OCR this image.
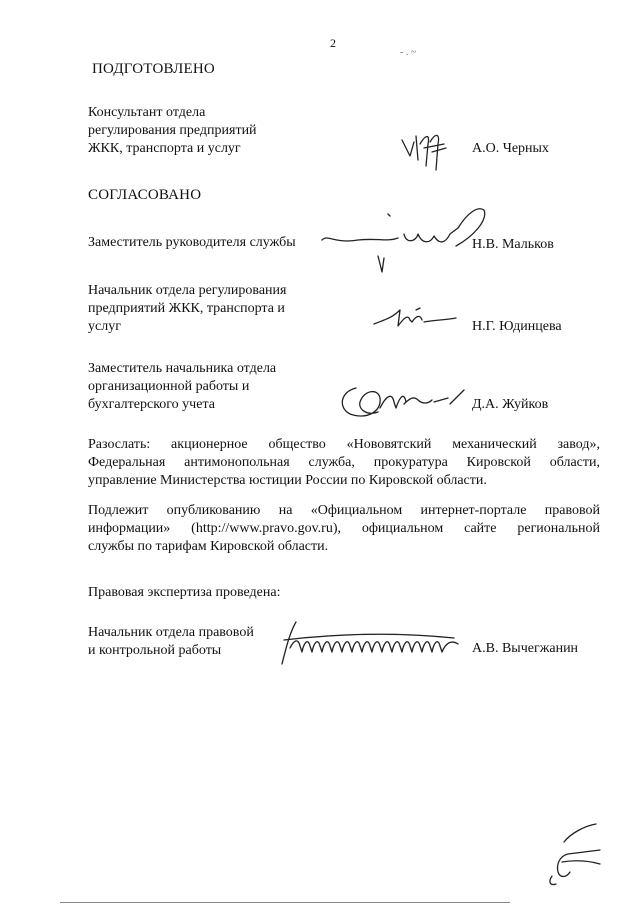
2
- . ~
ПОДГОТОВЛЕНО
Консультант отдела
регулирования предприятий
ЖКК, транспорта и услуг	А.О. Черных
СОГЛАСОВАНО
Заместитель руководителя службы	Н.В. Мальков
Начальник отдела регулирования
предприятий ЖКК, транспорта и
услуг	Н.Г. Юдинцева
Заместитель начальника отдела
организационной работы и
бухгалтерского учета	Д.А. Жуйков
Разослать: акционерное общество «Нововятский механический завод»,
Федеральная антимонопольная служба, прокуратура Кировской области,
управление Министерства юстиции России по Кировской области.
Подлежит опубликованию на «Официальном интернет-портале правовой
информации» (http://www.pravo.gov.ru), официальном сайте региональной
службы по тарифам Кировской области.
Правовая экспертиза проведена:
Начальник отдела правовой
и контрольной работы	А.В. Вычегжанин
